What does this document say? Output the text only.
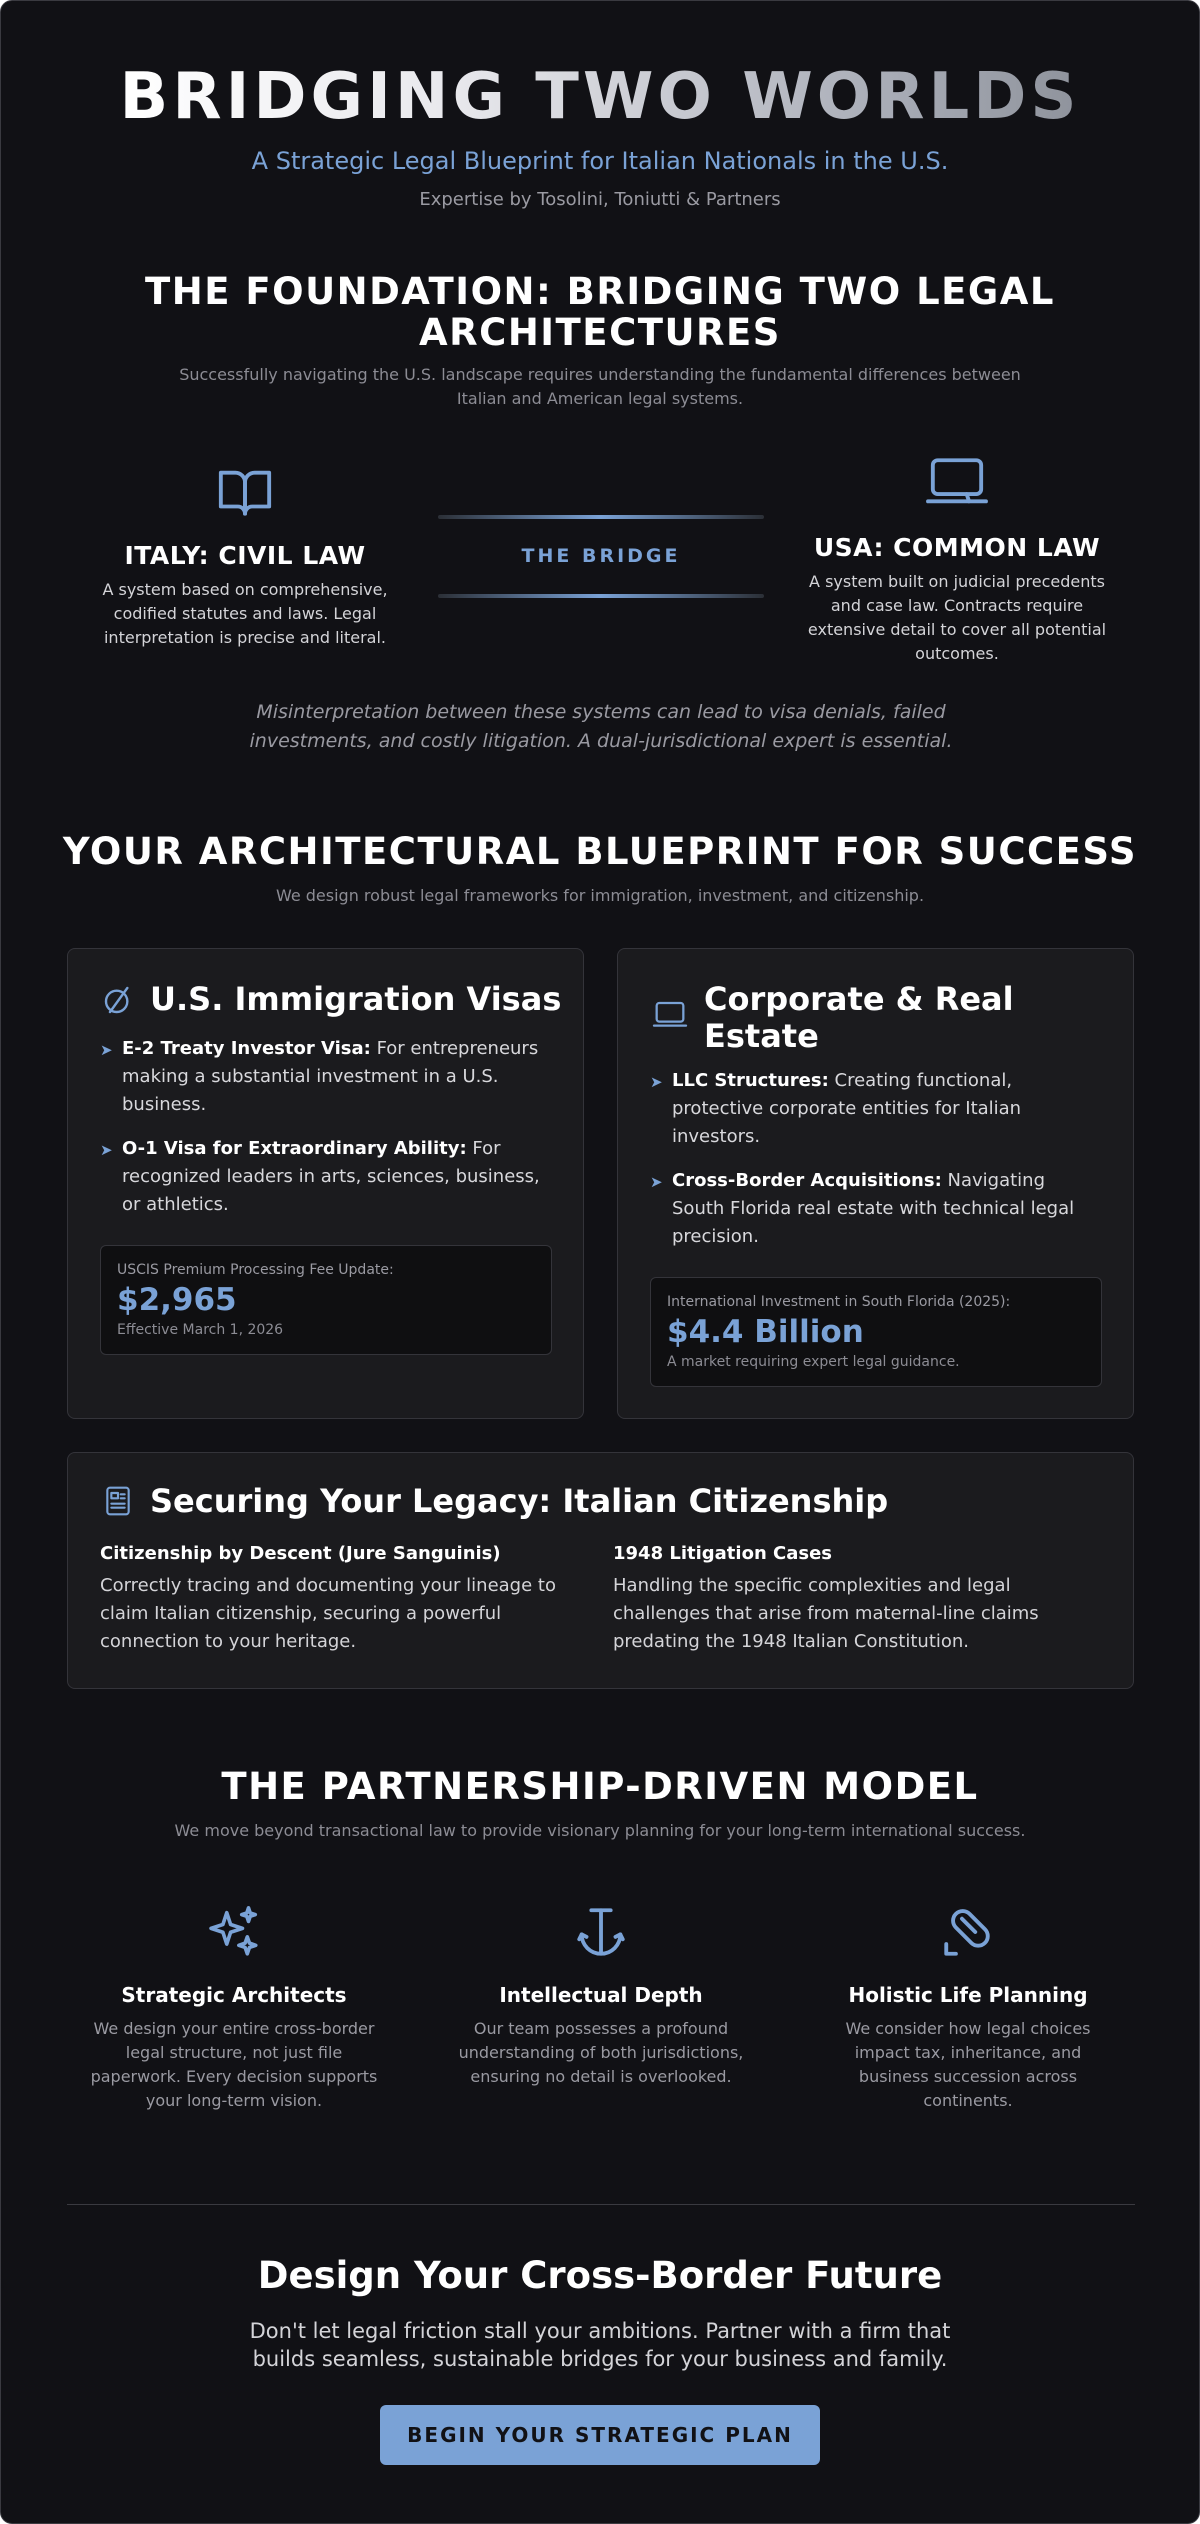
BRIDGING TWO WORLDS
A Strategic Legal Blueprint for Italian Nationals in the U.S.
Expertise by Tosolini, Toniutti & Partners
THE FOUNDATION: BRIDGING TWO LEGAL ARCHITECTURES

Successfully navigating the U.S. landscape requires understanding the fundamental differences between Italian and American legal systems.

ITALY: CIVIL LAW
A system based on comprehensive, codified statutes and laws. Legal interpretation is precise and literal.
THE BRIDGE	USA: COMMON LAW
A system built on judicial precedents and case law. Contracts require extensive detail to cover all potential outcomes.

Misinterpretation between these systems can lead to visa denials, failed investments, and costly litigation. A dual-jurisdictional expert is essential.

YOUR ARCHITECTURAL BLUEPRINT FOR SUCCESS

We design robust legal frameworks for immigration, investment, and citizenship.

U.S. Immigration Visas
➤ E-2 Treaty Investor Visa: For entrepreneurs making a substantial investment in a U.S. business.
➤ O-1 Visa for Extraordinary Ability: For recognized leaders in arts, sciences, business, or athletics.
USCIS Premium Processing Fee Update:
$2,965
Effective March 1, 2026
Corporate & Real Estate
➤ LLC Structures: Creating functional, protective corporate entities for Italian investors.
➤ Cross-Border Acquisitions: Navigating South Florida real estate with technical legal precision.
International Investment in South Florida (2025):
$4.4 Billion
A market requiring expert legal guidance.
Securing Your Legacy: Italian Citizenship
Citizenship by Descent (Jure Sanguinis)
Correctly tracing and documenting your lineage to claim Italian citizenship, securing a powerful connection to your heritage.
1948 Litigation Cases
Handling the specific complexities and legal challenges that arise from maternal-line claims predating the 1948 Italian Constitution.
THE PARTNERSHIP-DRIVEN MODEL

We move beyond transactional law to provide visionary planning for your long-term international success.

Strategic Architects
We design your entire cross-border legal structure, not just file paperwork. Every decision supports your long-term vision.
Intellectual Depth
Our team possesses a profound understanding of both jurisdictions, ensuring no detail is overlooked.
Holistic Life Planning
We consider how legal choices impact tax, inheritance, and business succession across continents.
Design Your Cross-Border Future

Don't let legal friction stall your ambitions. Partner with a firm that builds seamless, sustainable bridges for your business and family.

BEGIN YOUR STRATEGIC PLAN
